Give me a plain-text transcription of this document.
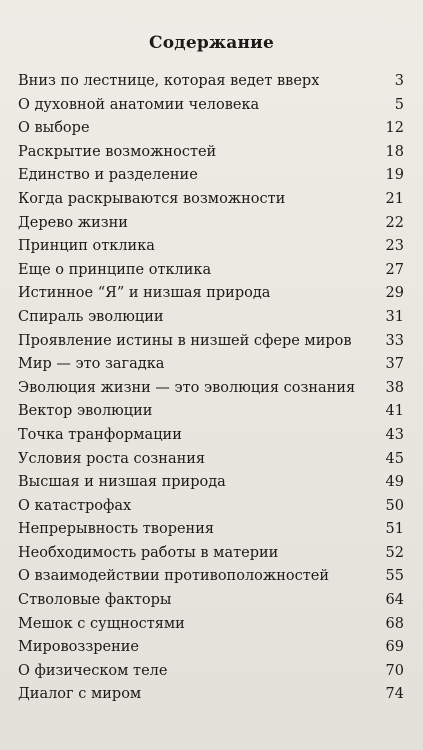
Содержание
Вниз по лестнице, которая ведет вверх	3
О духовной анатомии человека	5
О выборе	12
Раскрытие возможностей	18
Единство и разделение	19
Когда раскрываются возможности	21
Дерево жизни	22
Принцип отклика	23
Еще о принципе отклика	27
Истинное “Я” и низшая природа	29
Спираль эволюции	31
Проявление истины в низшей сфере миров	33
Мир — это загадка	37
Эволюция жизни — это эволюция сознания	38
Вектор эволюции	41
Точка транформации	43
Условия роста сознания	45
Высшая и низшая природа	49
О катастрофах	50
Непрерывность творения	51
Необходимость работы в материи	52
О взаимодействии противоположностей	55
Стволовые факторы	64
Мешок с сущностями	68
Мировоззрение	69
О физическом теле	70
Диалог с миром	74
